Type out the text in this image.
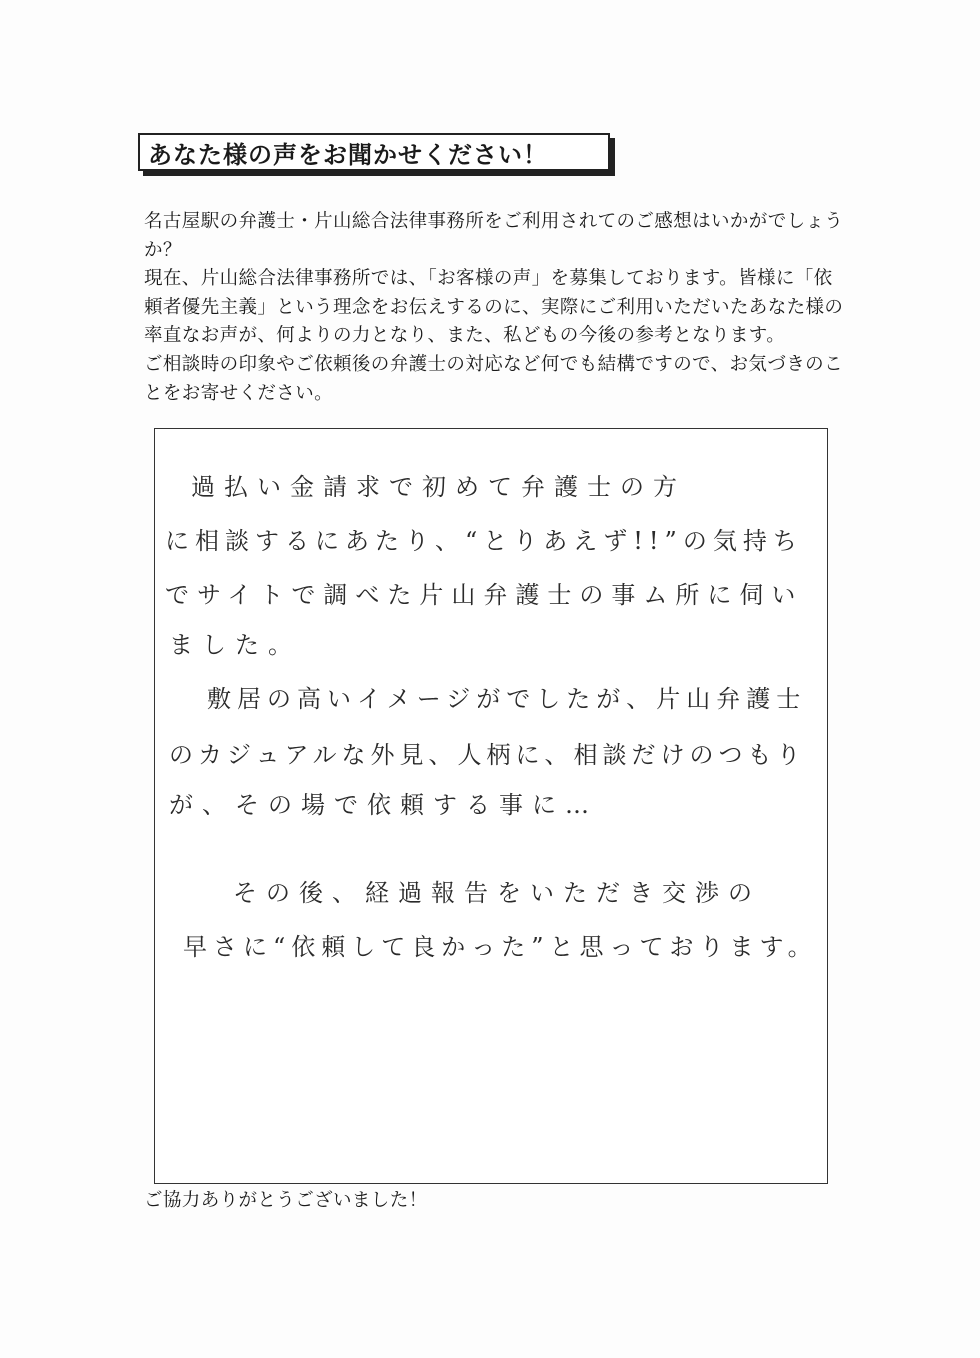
あなた様の声をお聞かせください！

名古屋駅の弁護士・片山総合法律事務所をご利用されてのご感想はいかがでしょうか？

現在、片山総合法律事務所では、「お客様の声」を募集しております。皆様に「依頼者優先主義」という理念をお伝えするのに、実際にご利用いただいたあなた様の率直なお声が、何よりの力となり、また、私どもの今後の参考となります。

ご相談時の印象やご依頼後の弁護士の対応など何でも結構ですので、お気づきのことをお寄せください。

過払い金請求で初めて弁護士の方
に相談するにあたり、“とりあえず!!”の気持ち
でサイトで調べた片山弁護士の事ム所に伺い
ました。
敷居の高いイメージがでしたが、片山弁護士
のカジュアルな外見、人柄に、相談だけのつもり
が、その場で依頼する事に…
その後、経過報告をいただき交渉の
早さに“依頼して良かった”と思っております。
ご協力ありがとうございました！
